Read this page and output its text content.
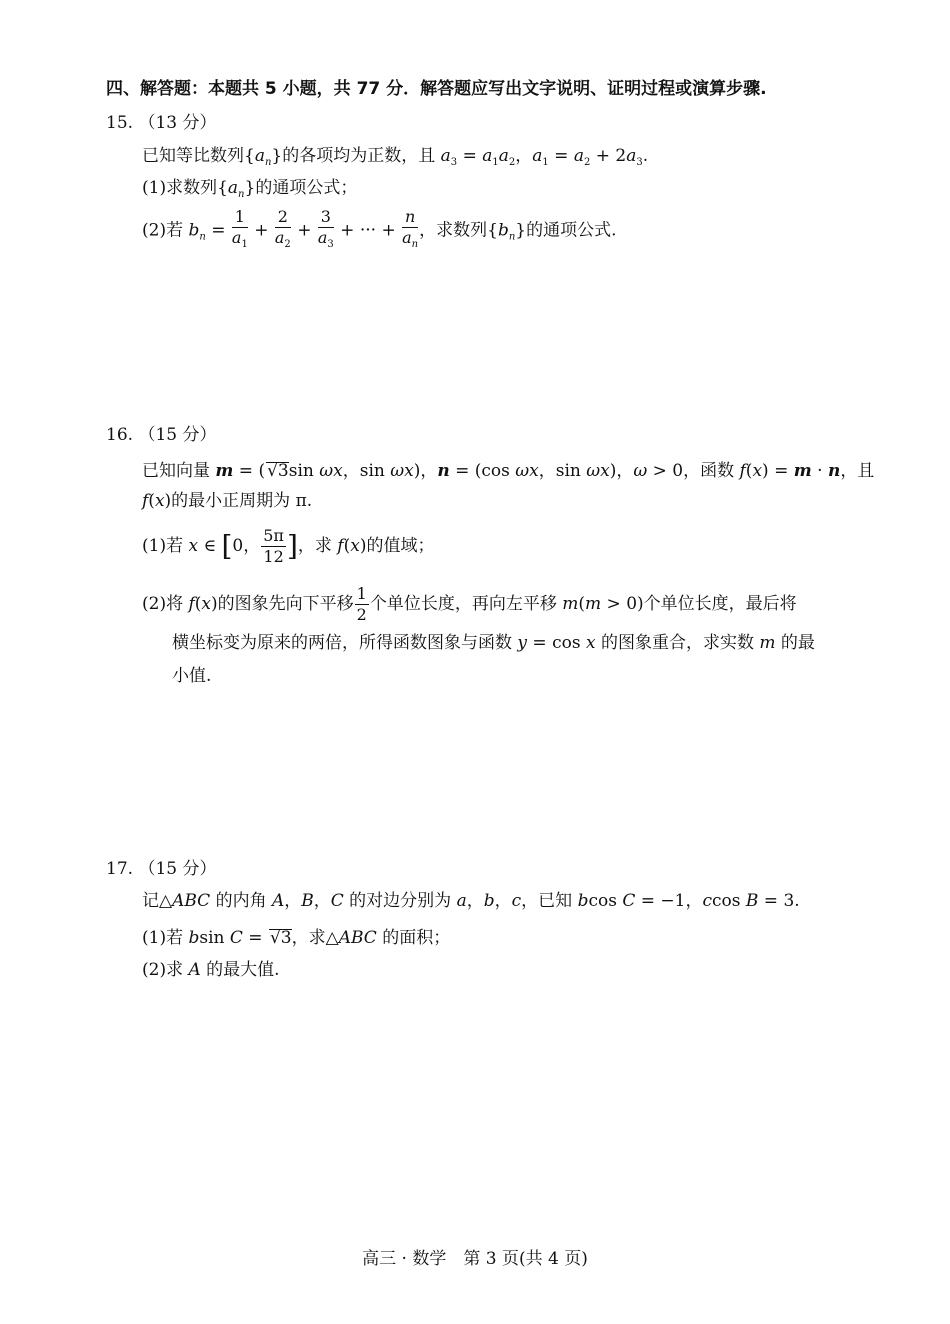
四、解答题：本题共 5 小题，共 77 分．解答题应写出文字说明、证明过程或演算步骤.
15. （13 分）
已知等比数列$\{a_n\}$的各项均为正数，且 $a_3 = a_1a_2$，$a_1 = a_2 + 2a_3$.
(1)求数列$\{a_n\}$的通项公式；
(2)若 $b_n = \frac{1}{a_1} + \frac{2}{a_2} + \frac{3}{a_3}$ + ··· + $\frac{n}{a_n}$ ，求数列$\{b_n\}$的通项公式.
16. （15 分）
已知向量 m = ( √3sin ωx，sin ωx)，n = (cos ωx，sin ωx)，ω > 0，函数 f(x) = m · n，且
f(x)的最小正周期为 π.
(1)若 x ∈ [0， $\frac{5\pi}{12}$ ]，求 f(x)的值域；
(2)将 f(x)的图象先向下平移 $\frac{1}{2}$ 个单位长度，再向左平移 m(m > 0)个单位长度，最后将
横坐标变为原来的两倍，所得函数图象与函数 y = cos x 的图象重合，求实数 m 的最
小值.
17. （15 分）
记△ABC 的内角 A，B，C 的对边分别为 a，b，c，已知 bcos C = −1，ccos B = 3.
(1)若 bsin C = √3，求△ABC 的面积；
(2)求 A 的最大值.
高三 · 数学　第 3 页(共 4 页)
